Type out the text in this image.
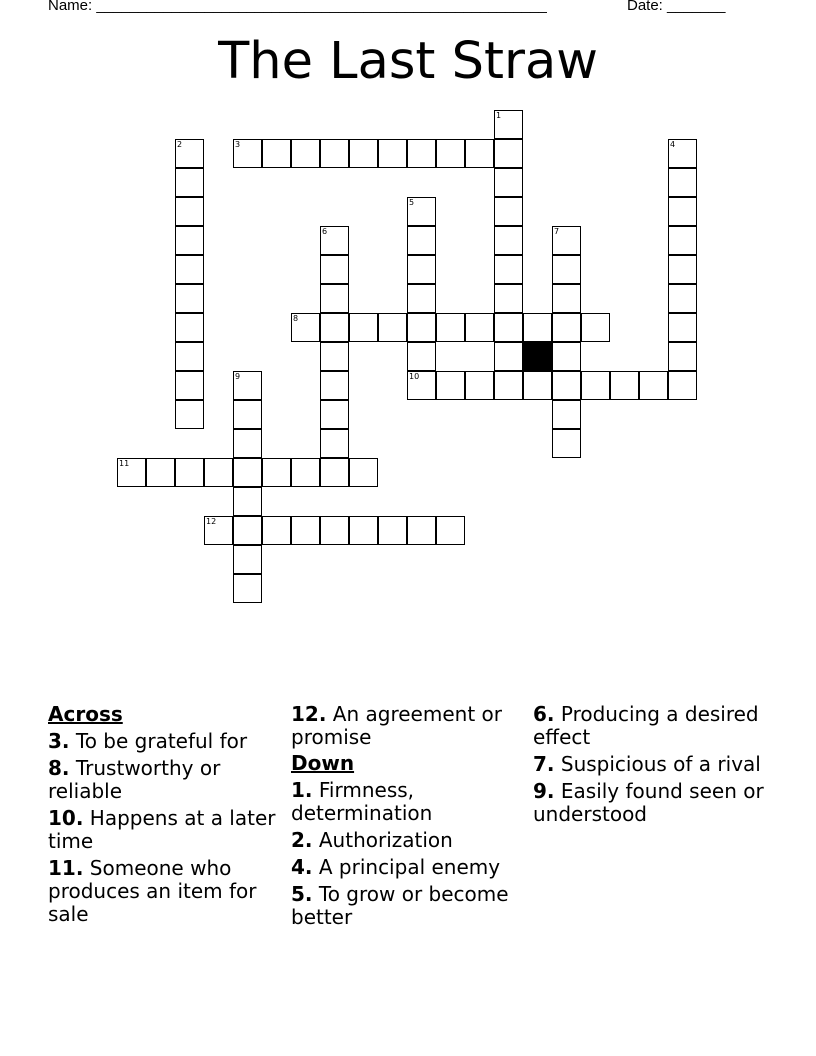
Name: ______________________________________________________	Date: _______
The Last Straw
1
2	3	4
5
10
6	7
8
9
11
12
Across
3. To be grateful for
8. Trustworthy or reliable
10. Happens at a later time
11. Someone who produces an item for sale
12. An agreement or promise
Down
1. Firmness, determination
2. Authorization
4. A principal enemy
5. To grow or become better
6. Producing a desired effect
7. Suspicious of a rival
9. Easily found seen or understood
